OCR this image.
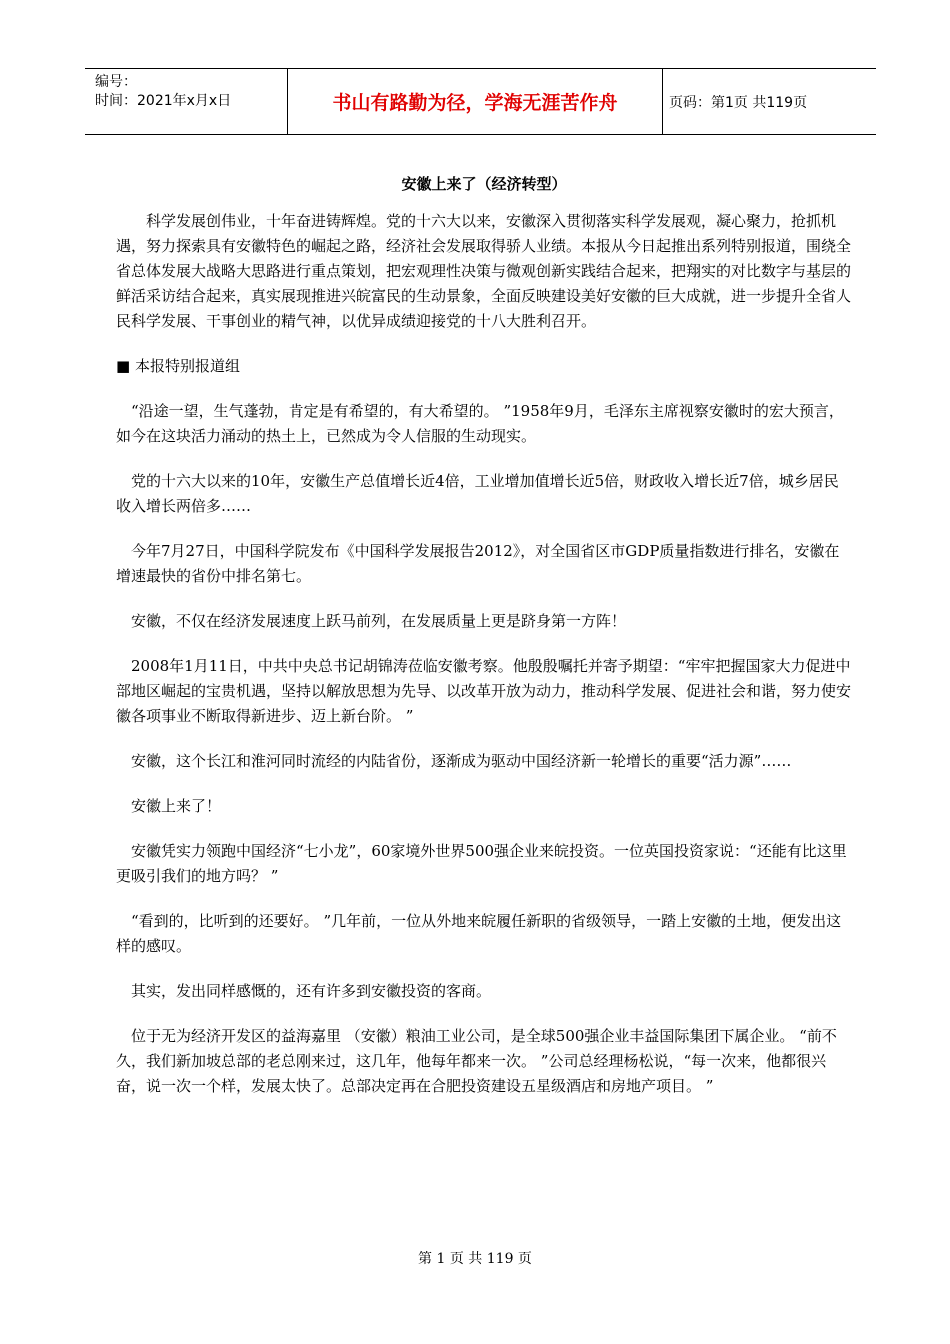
编号：
时间：2021年x月x日	书山有路勤为径，学海无涯苦作舟	页码：第1页 共119页
安徽上来了（经济转型）

科学发展创伟业，十年奋进铸辉煌。党的十六大以来，安徽深入贯彻落实科学发展观，凝心聚力，抢抓机遇，努力探索具有安徽特色的崛起之路，经济社会发展取得骄人业绩。本报从今日起推出系列特别报道，围绕全省总体发展大战略大思路进行重点策划，把宏观理性决策与微观创新实践结合起来，把翔实的对比数字与基层的鲜活采访结合起来，真实展现推进兴皖富民的生动景象，全面反映建设美好安徽的巨大成就，进一步提升全省人民科学发展、干事创业的精气神，以优异成绩迎接党的十八大胜利召开。

■ 本报特别报道组

“沿途一望，生气蓬勃，肯定是有希望的，有大希望的。 ”1958年9月，毛泽东主席视察安徽时的宏大预言，如今在这块活力涌动的热土上，已然成为令人信服的生动现实。

党的十六大以来的10年，安徽生产总值增长近4倍，工业增加值增长近5倍，财政收入增长近7倍，城乡居民收入增长两倍多……

今年7月27日，中国科学院发布《中国科学发展报告2012》，对全国省区市GDP质量指数进行排名，安徽在增速最快的省份中排名第七。

安徽，不仅在经济发展速度上跃马前列，在发展质量上更是跻身第一方阵！

2008年1月11日，中共中央总书记胡锦涛莅临安徽考察。他殷殷嘱托并寄予期望：“牢牢把握国家大力促进中部地区崛起的宝贵机遇，坚持以解放思想为先导、以改革开放为动力，推动科学发展、促进社会和谐，努力使安徽各项事业不断取得新进步、迈上新台阶。 ”

安徽，这个长江和淮河同时流经的内陆省份，逐渐成为驱动中国经济新一轮增长的重要“活力源”……

安徽上来了！

安徽凭实力领跑中国经济“七小龙”，60家境外世界500强企业来皖投资。一位英国投资家说：“还能有比这里更吸引我们的地方吗？ ”

“看到的，比听到的还要好。 ”几年前，一位从外地来皖履任新职的省级领导，一踏上安徽的土地，便发出这样的感叹。

其实，发出同样感慨的，还有许多到安徽投资的客商。

位于无为经济开发区的益海嘉里 （安徽）粮油工业公司，是全球500强企业丰益国际集团下属企业。 “前不久，我们新加坡总部的老总刚来过，这几年，他每年都来一次。 ”公司总经理杨松说，“每一次来，他都很兴奋，说一次一个样，发展太快了。总部决定再在合肥投资建设五星级酒店和房地产项目。 ”

第 1 页 共 119 页
